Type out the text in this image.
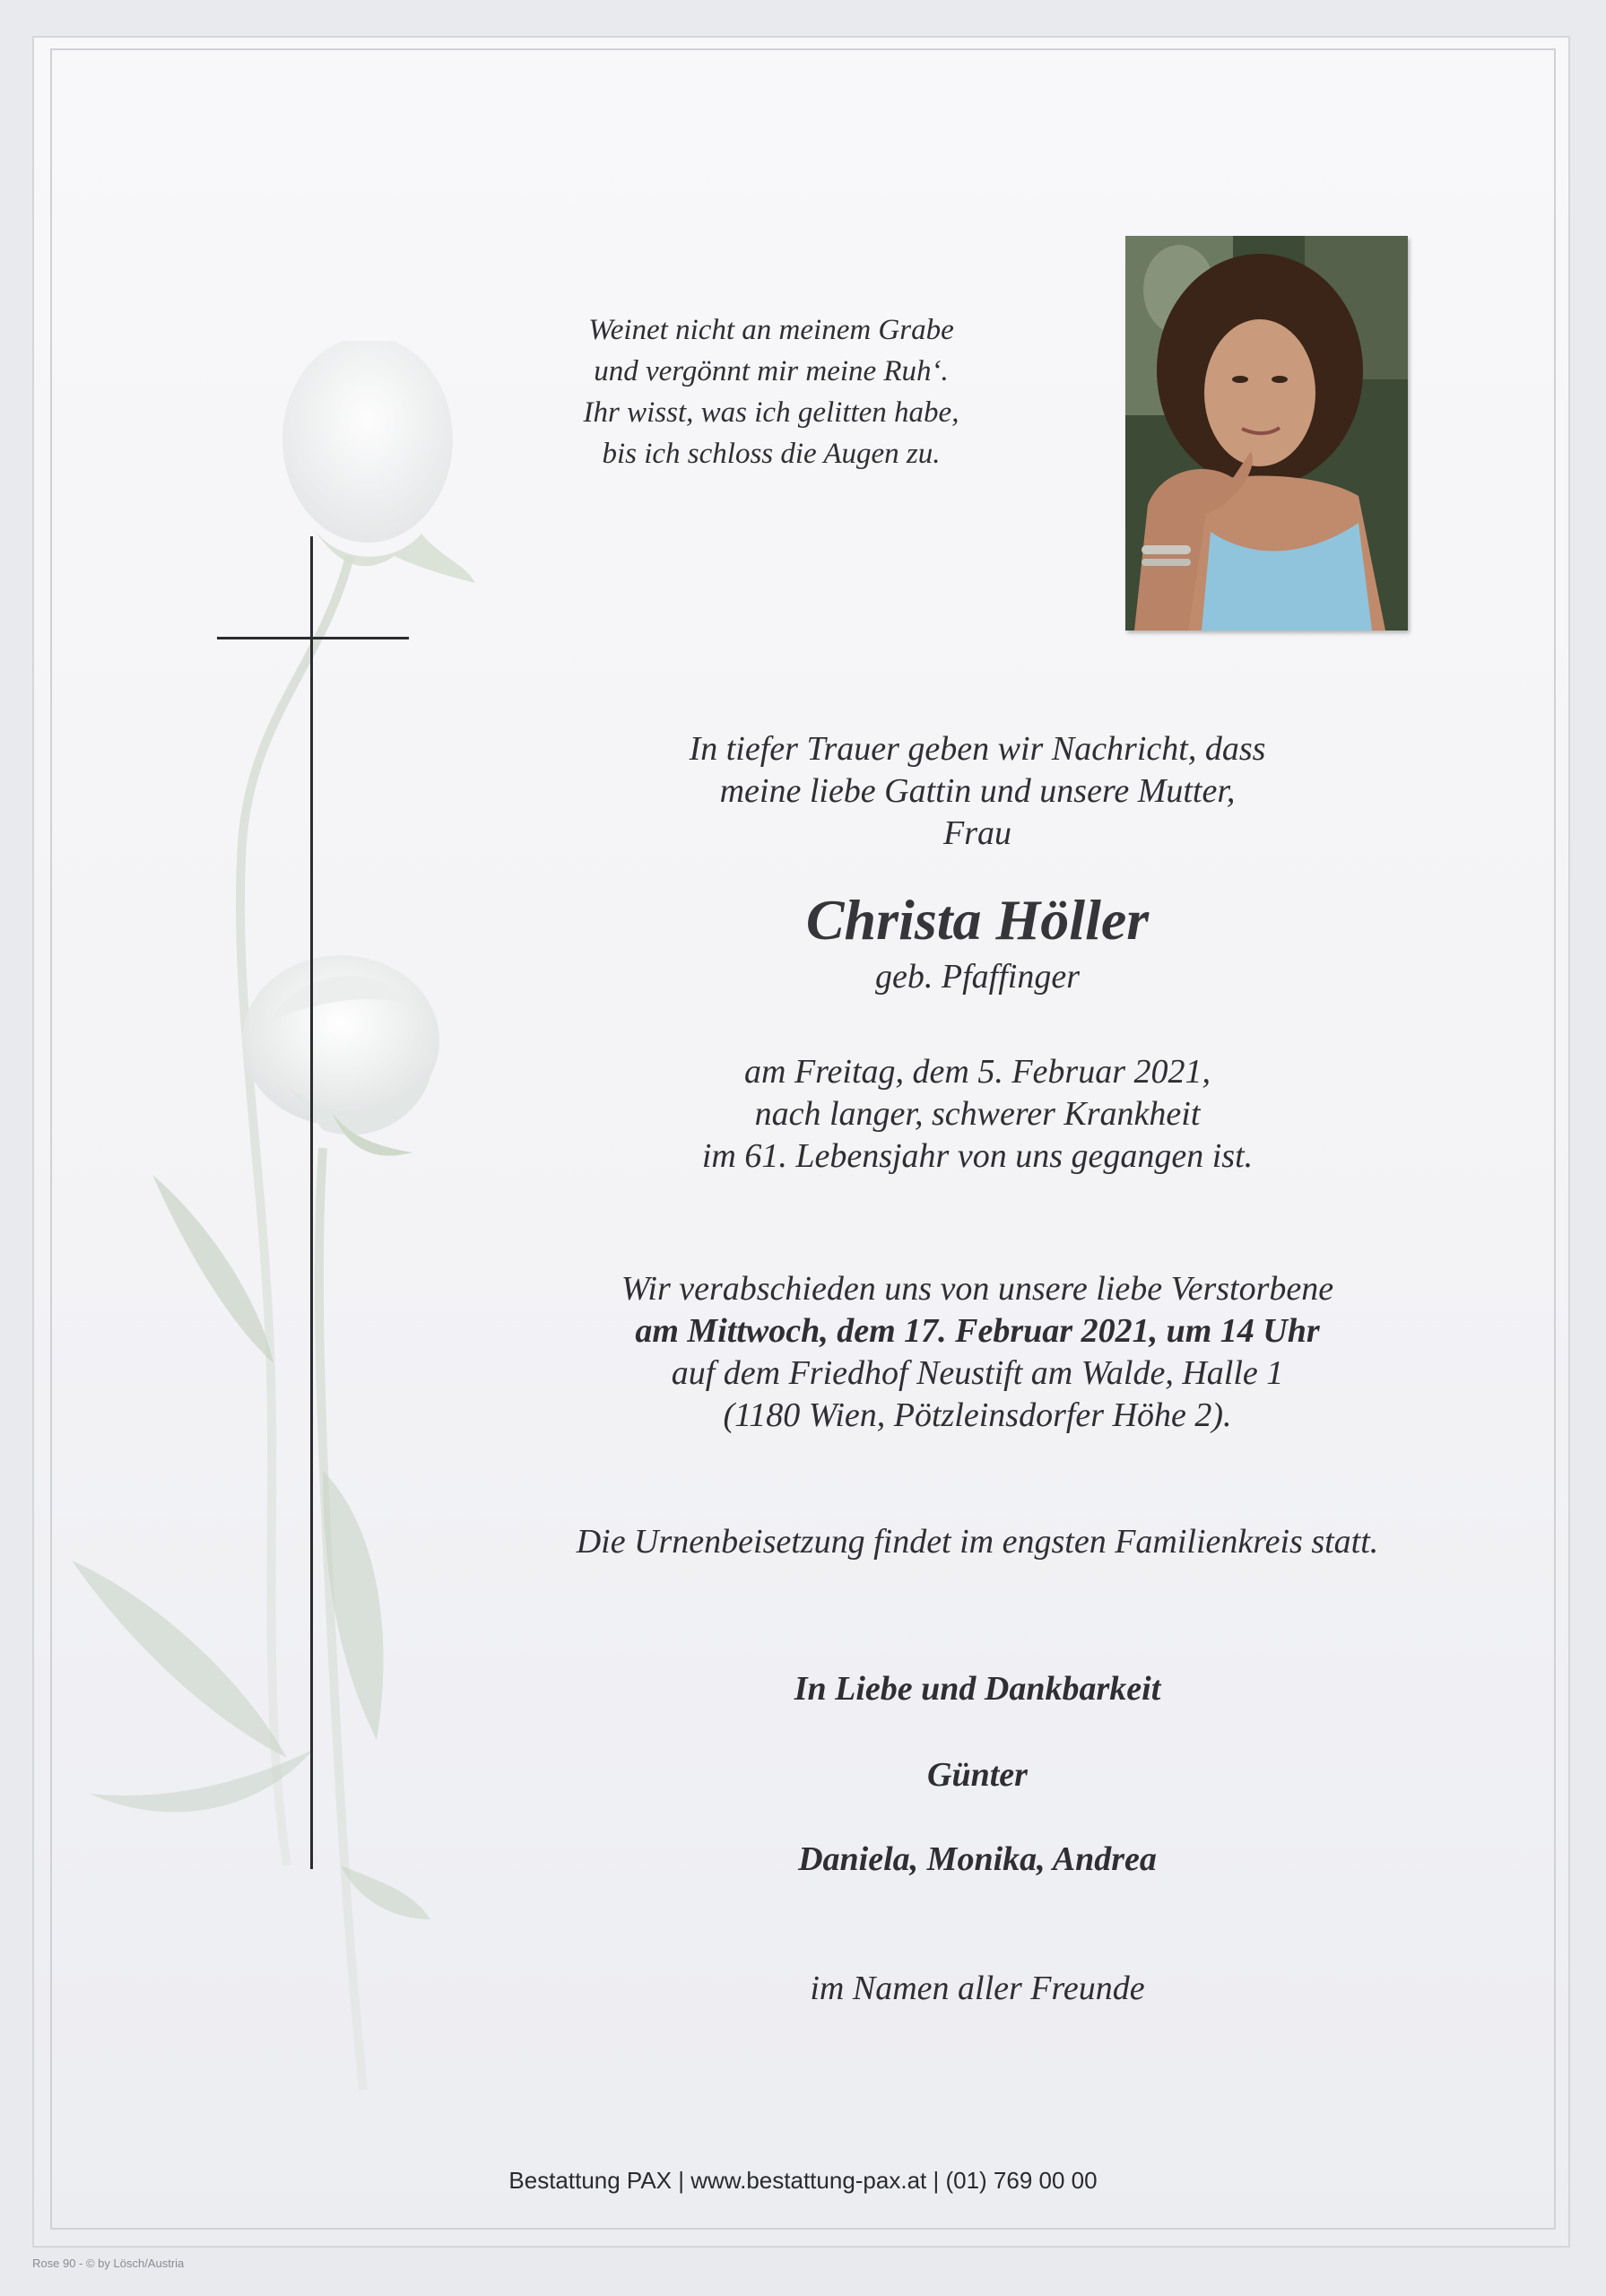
Weinet nicht an meinem Grabe
und vergönnt mir meine Ruh‘.
Ihr wisst, was ich gelitten habe,
bis ich schloss die Augen zu.
In tiefer Trauer geben wir Nachricht, dass
meine liebe Gattin und unsere Mutter,
Frau
Christa Höller
geb. Pfaffinger
am Freitag, dem 5. Februar 2021,
nach langer, schwerer Krankheit
im 61. Lebensjahr von uns gegangen ist.
Wir verabschieden uns von unsere liebe Verstorbene
am Mittwoch, dem 17. Februar 2021, um 14 Uhr
auf dem Friedhof Neustift am Walde, Halle 1
(1180 Wien, Pötzleinsdorfer Höhe 2).
Die Urnenbeisetzung findet im engsten Familienkreis statt.
In Liebe und Dankbarkeit
Günter
Daniela, Monika, Andrea
im Namen aller Freunde
Bestattung PAX | www.bestattung-pax.at | (01) 769 00 00
Rose 90 - © by Lösch/Austria
